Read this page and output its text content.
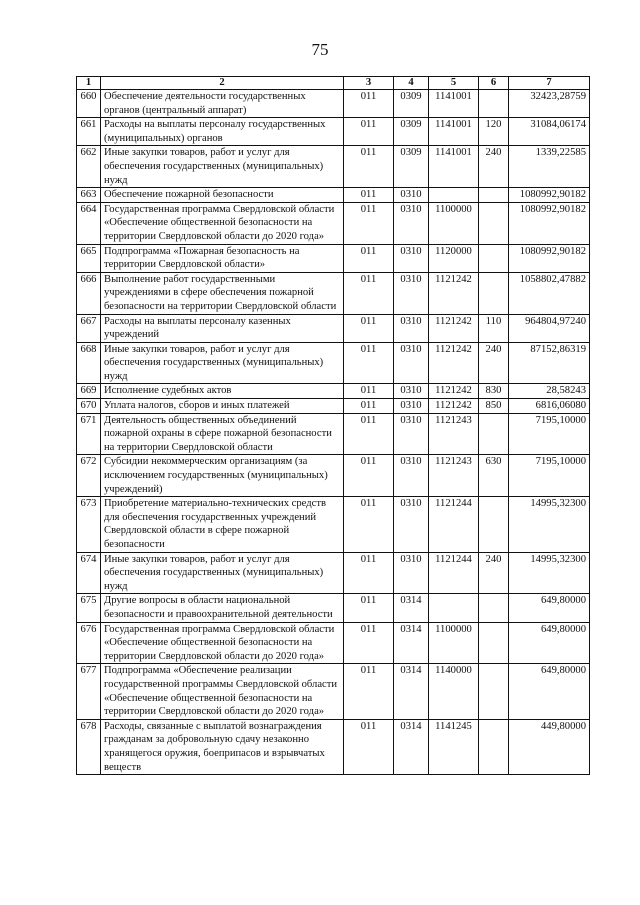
75
1	2	3	4	5	6	7
660	Обеспечение деятельности государственных органов (центральный аппарат)	011	0309	1141001		32423,28759
661	Расходы на выплаты персоналу государственных (муниципальных) органов	011	0309	1141001	120	31084,06174
662	Иные закупки товаров, работ и услуг для обеспечения государственных (муниципальных) нужд	011	0309	1141001	240	1339,22585
663	Обеспечение пожарной безопасности	011	0310			1080992,90182
664	Государственная программа Свердловской области «Обеспечение общественной безопасности на территории Свердловской области до 2020 года»	011	0310	1100000		1080992,90182
665	Подпрограмма «Пожарная безопасность на территории Свердловской области»	011	0310	1120000		1080992,90182
666	Выполнение работ государственными учреждениями в сфере обеспечения пожарной безопасности на территории Свердловской области	011	0310	1121242		1058802,47882
667	Расходы на выплаты персоналу казенных учреждений	011	0310	1121242	110	964804,97240
668	Иные закупки товаров, работ и услуг для обеспечения государственных (муниципальных) нужд	011	0310	1121242	240	87152,86319
669	Исполнение судебных актов	011	0310	1121242	830	28,58243
670	Уплата налогов, сборов и иных платежей	011	0310	1121242	850	6816,06080
671	Деятельность общественных объединений пожарной охраны в сфере пожарной безопасности на территории Свердловской области	011	0310	1121243		7195,10000
672	Субсидии некоммерческим организациям (за исключением государственных (муниципальных) учреждений)	011	0310	1121243	630	7195,10000
673	Приобретение материально-технических средств для обеспечения государственных учреждений Свердловской области в сфере пожарной безопасности	011	0310	1121244		14995,32300
674	Иные закупки товаров, работ и услуг для обеспечения государственных (муниципальных) нужд	011	0310	1121244	240	14995,32300
675	Другие вопросы в области национальной безопасности и правоохранительной деятельности	011	0314			649,80000
676	Государственная программа Свердловской области «Обеспечение общественной безопасности на территории Свердловской области до 2020 года»	011	0314	1100000		649,80000
677	Подпрограмма «Обеспечение реализации государственной программы Свердловской области «Обеспечение общественной безопасности на территории Свердловской области до 2020 года»	011	0314	1140000		649,80000
678	Расходы, связанные с выплатой вознаграждения гражданам за добровольную сдачу незаконно хранящегося оружия, боеприпасов и взрывчатых веществ	011	0314	1141245		449,80000
